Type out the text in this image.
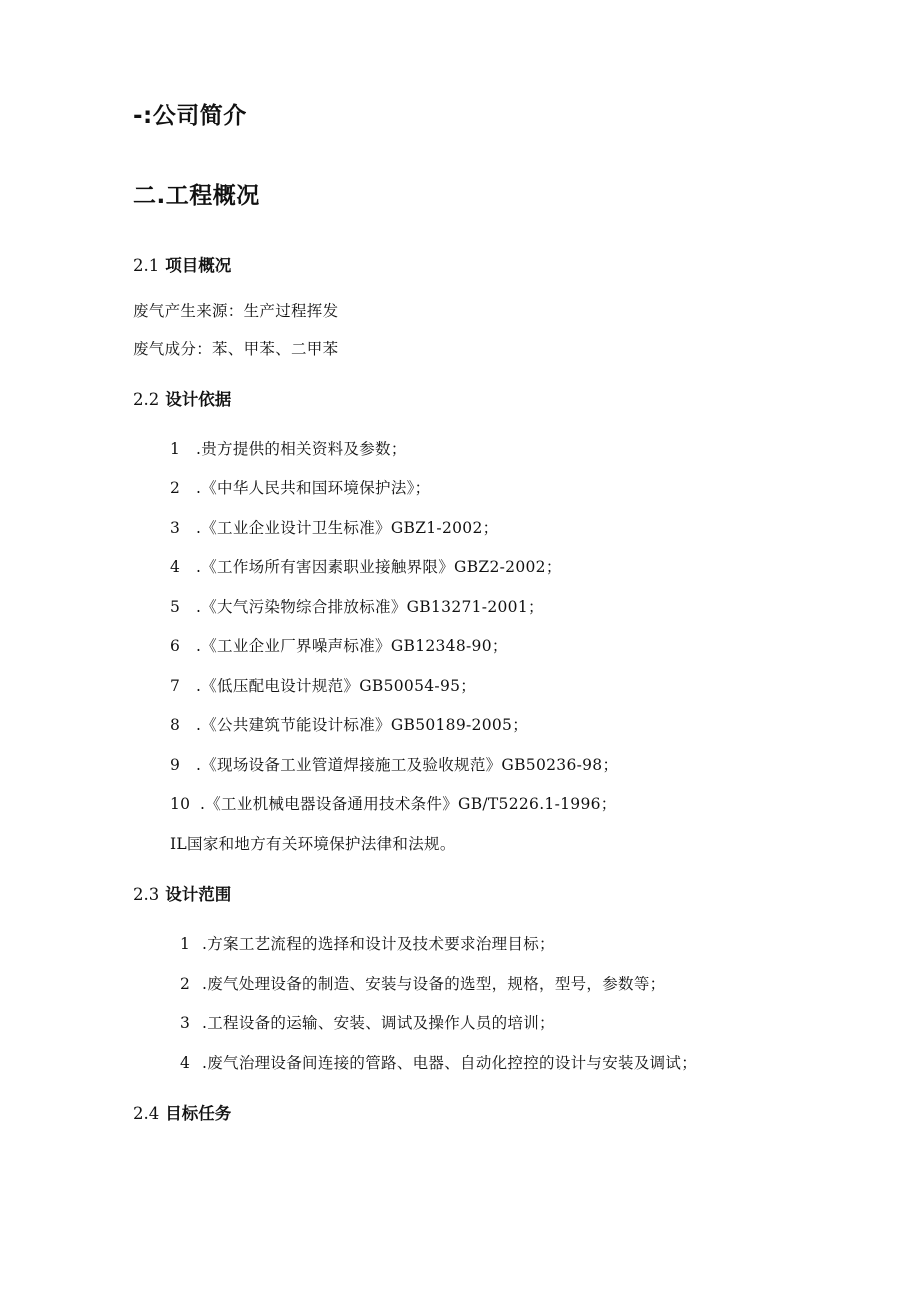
-:公司简介
二.工程概况
2.1 项目概况
废气产生来源：生产过程挥发
废气成分：苯、甲苯、二甲苯
2.2 设计依据
1 .贵方提供的相关资料及参数；
2 .《中华人民共和国环境保护法》；
3 .《工业企业设计卫生标准》GBZ1-2002；
4 .《工作场所有害因素职业接触界限》GBZ2-2002；
5 .《大气污染物综合排放标准》GB13271-2001；
6 .《工业企业厂界噪声标准》GB12348-90；
7 .《低压配电设计规范》GB50054-95；
8 .《公共建筑节能设计标准》GB50189-2005；
9 .《现场设备工业管道焊接施工及验收规范》GB50236-98；
10 .《工业机械电器设备通用技术条件》GB/T5226.1-1996；
IL国家和地方有关环境保护法律和法规。
2.3 设计范围
1 .方案工艺流程的选择和设计及技术要求治理目标；
2 .废气处理设备的制造、安装与设备的选型，规格，型号，参数等；
3 .工程设备的运输、安装、调试及操作人员的培训；
4 .废气治理设备间连接的管路、电器、自动化控控的设计与安装及调试；
2.4 目标任务
